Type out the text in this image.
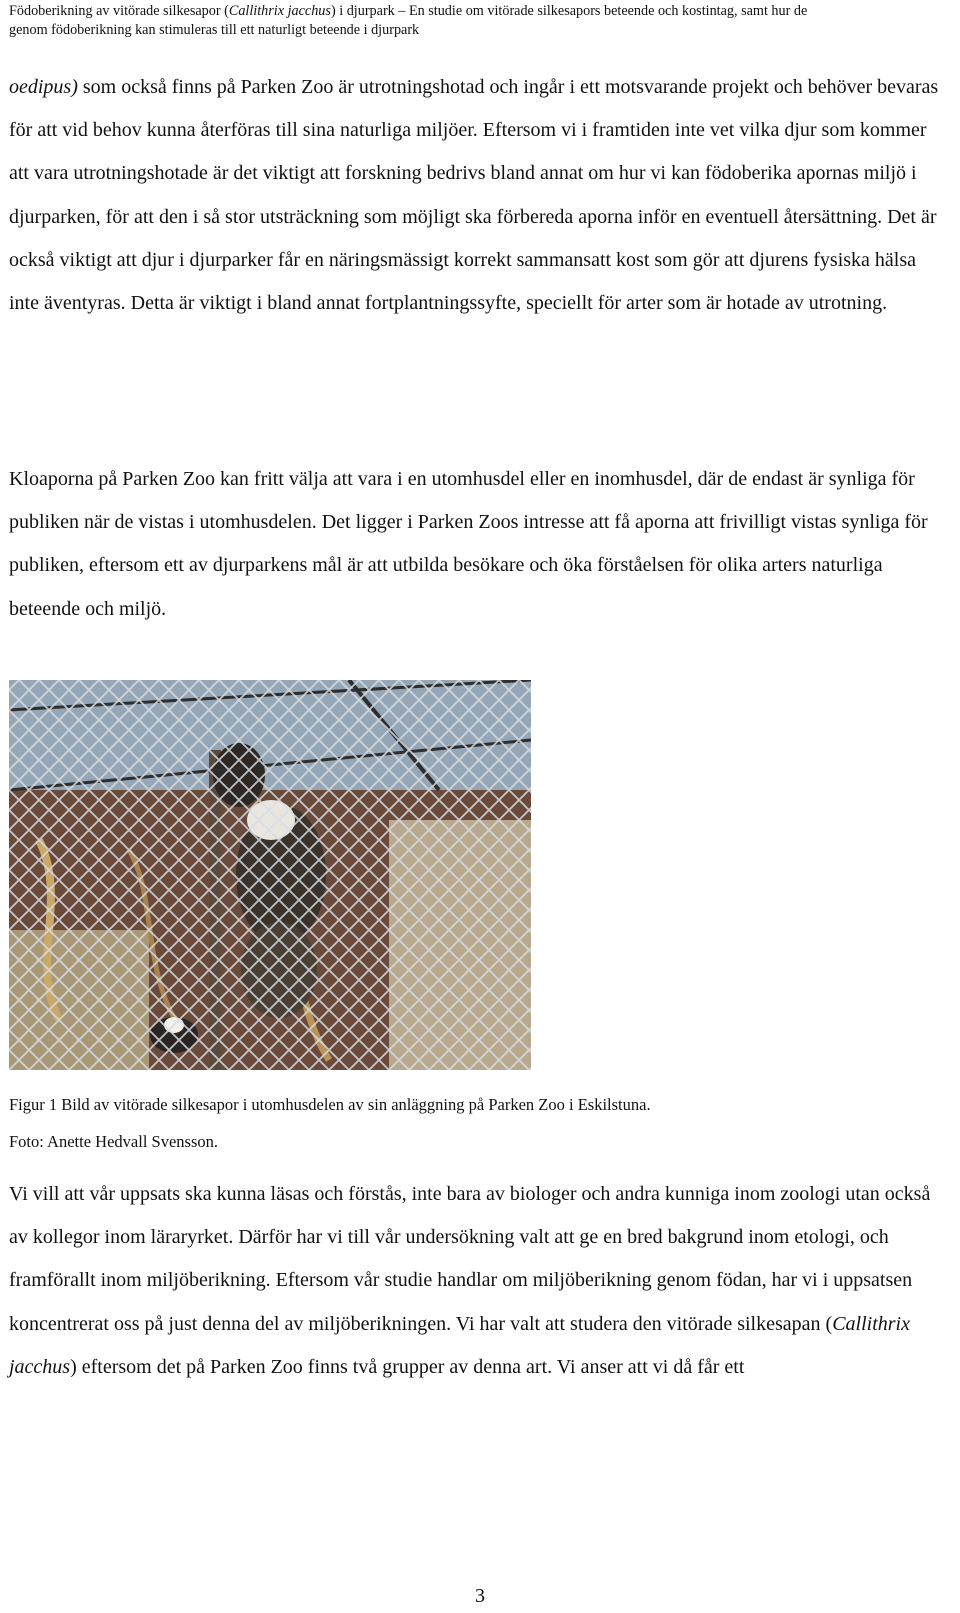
Födoberikning av vitörade silkesapor (Callithrix jacchus) i djurpark – En studie om vitörade silkesapors beteende och kostintag, samt hur de
genom födoberikning kan stimuleras till ett naturligt beteende i djurpark

oedipus) som också finns på Parken Zoo är utrotningshotad och ingår i ett motsvarande projekt och behöver bevaras för att vid behov kunna återföras till sina naturliga miljöer. Eftersom vi i framtiden inte vet vilka djur som kommer att vara utrotningshotade är det viktigt att forskning bedrivs bland annat om hur vi kan födoberika apornas miljö i djurparken, för att den i så stor utsträckning som möjligt ska förbereda aporna inför en eventuell återsättning. Det är också viktigt att djur i djurparker får en näringsmässigt korrekt sammansatt kost som gör att djurens fysiska hälsa inte äventyras. Detta är viktigt i bland annat fortplantningssyfte, speciellt för arter som är hotade av utrotning.

Kloaporna på Parken Zoo kan fritt välja att vara i en utomhusdel eller en inomhusdel, där de endast är synliga för publiken när de vistas i utomhusdelen. Det ligger i Parken Zoos intresse att få aporna att frivilligt vistas synliga för publiken, eftersom ett av djurparkens mål är att utbilda besökare och öka förståelsen för olika arters naturliga beteende och miljö.

Figur 1 Bild av vitörade silkesapor i utomhusdelen av sin anläggning på Parken Zoo i Eskilstuna.
Foto: Anette Hedvall Svensson.

Vi vill att vår uppsats ska kunna läsas och förstås, inte bara av biologer och andra kunniga inom zoologi utan också av kollegor inom läraryrket. Därför har vi till vår undersökning valt att ge en bred bakgrund inom etologi, och framförallt inom miljöberikning. Eftersom vår studie handlar om miljöberikning genom födan, har vi i uppsatsen koncentrerat oss på just denna del av miljöberikningen. Vi har valt att studera den vitörade silkesapan (Callithrix jacchus) eftersom det på Parken Zoo finns två grupper av denna art. Vi anser att vi då får ett

3
